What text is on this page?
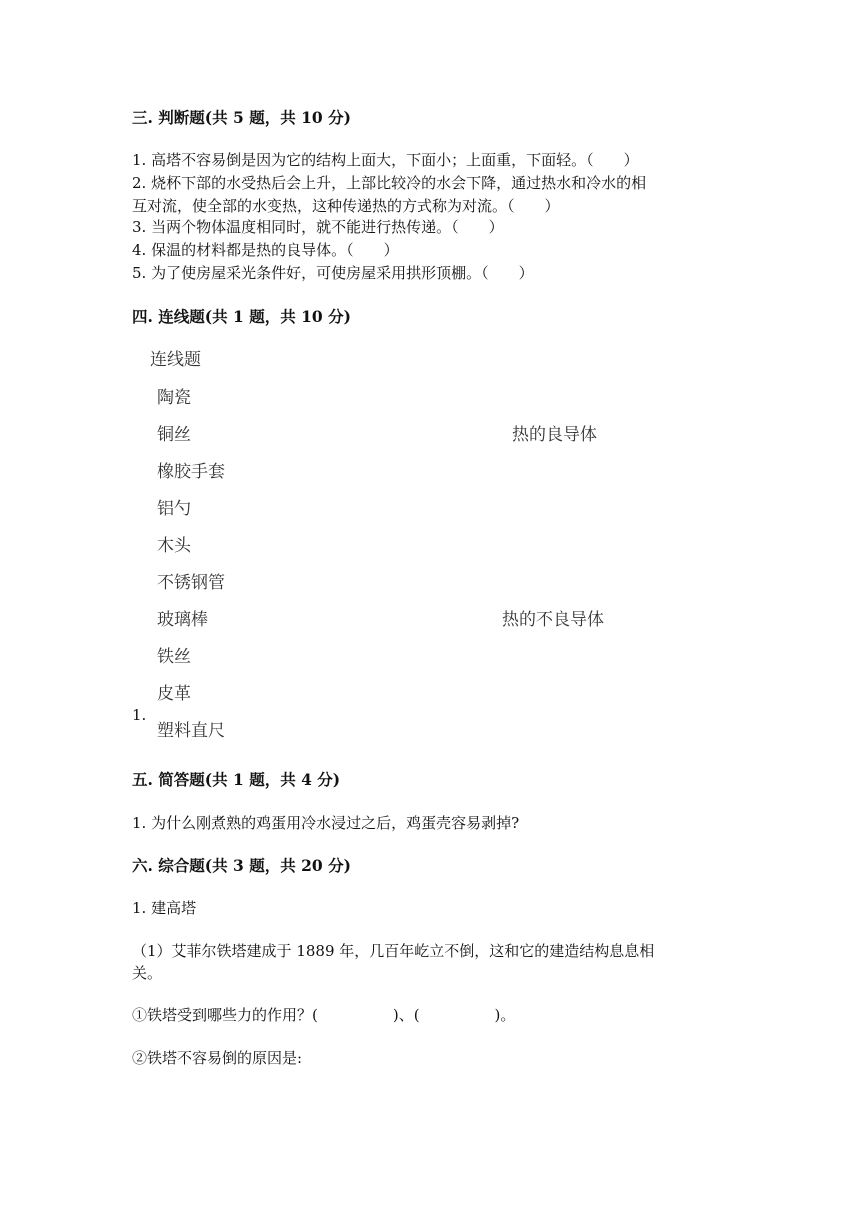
三. 判断题(共 5 题，共 10 分)
1. 高塔不容易倒是因为它的结构上面大，下面小；上面重，下面轻。（　　）
2. 烧杯下部的水受热后会上升，上部比较冷的水会下降，通过热水和冷水的相
互对流，使全部的水变热，这种传递热的方式称为对流。（　　）
3. 当两个物体温度相同时，就不能进行热传递。（　　）
4. 保温的材料都是热的良导体。（　　）
5. 为了使房屋采光条件好，可使房屋采用拱形顶棚。（　　）
四. 连线题(共 1 题，共 10 分)
连线题
陶瓷
铜丝
橡胶手套
铝勺
木头
不锈钢管
玻璃棒
铁丝
皮革
塑料直尺
热的良导体
热的不良导体
1.
五. 简答题(共 1 题，共 4 分)
1. 为什么刚煮熟的鸡蛋用冷水浸过之后，鸡蛋壳容易剥掉?
六. 综合题(共 3 题，共 20 分)
1. 建高塔
（1）艾菲尔铁塔建成于 1889 年，几百年屹立不倒，这和它的建造结构息息相
关。
①铁塔受到哪些力的作用？(　　　　　)、(　　　　　)。
②铁塔不容易倒的原因是:
